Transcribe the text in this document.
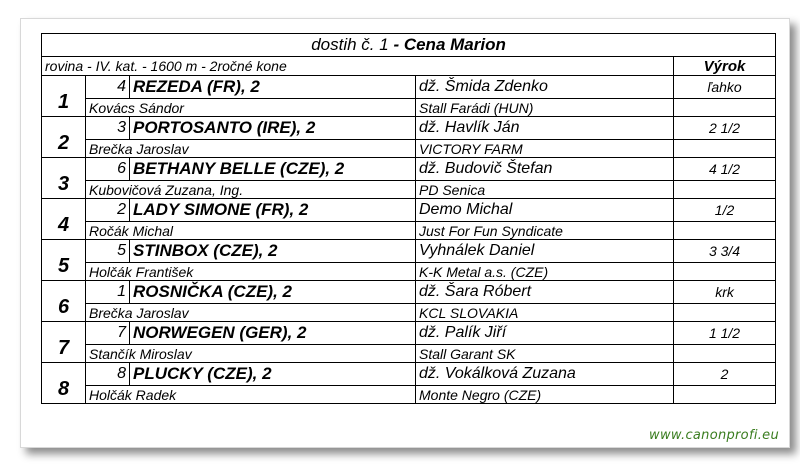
dostih č. 1 - Cena Marion				
rovina - IV. kat. - 1600 m - 2ročné kone				Výrok
1	4	REZEDA (FR), 2	dž. Šmida Zdenko	ľahko
	Kovács Sándor		Stall Farádi (HUN)	
2	3	PORTOSANTO (IRE), 2	dž. Havlík Ján	2 1/2
	Brečka Jaroslav		VICTORY FARM	
3	6	BETHANY BELLE (CZE), 2	dž. Budovič Štefan	4 1/2
	Kubovičová Zuzana, Ing.		PD Senica	
4	2	LADY SIMONE (FR), 2	Demo Michal	1/2
	Ročák Michal		Just For Fun Syndicate	
5	5	STINBOX (CZE), 2	Vyhnálek Daniel	3 3/4
	Holčák František		K-K Metal a.s. (CZE)	
6	1	ROSNIČKA (CZE), 2	dž. Šara Róbert	krk
	Brečka Jaroslav		KCL SLOVAKIA	
7	7	NORWEGEN (GER), 2	dž. Palík Jiří	1 1/2
	Stančík Miroslav		Stall Garant SK	
8	8	PLUCKY (CZE), 2	dž. Vokálková Zuzana	2
	Holčák Radek		Monte Negro (CZE)	
www.canonprofi.eu
